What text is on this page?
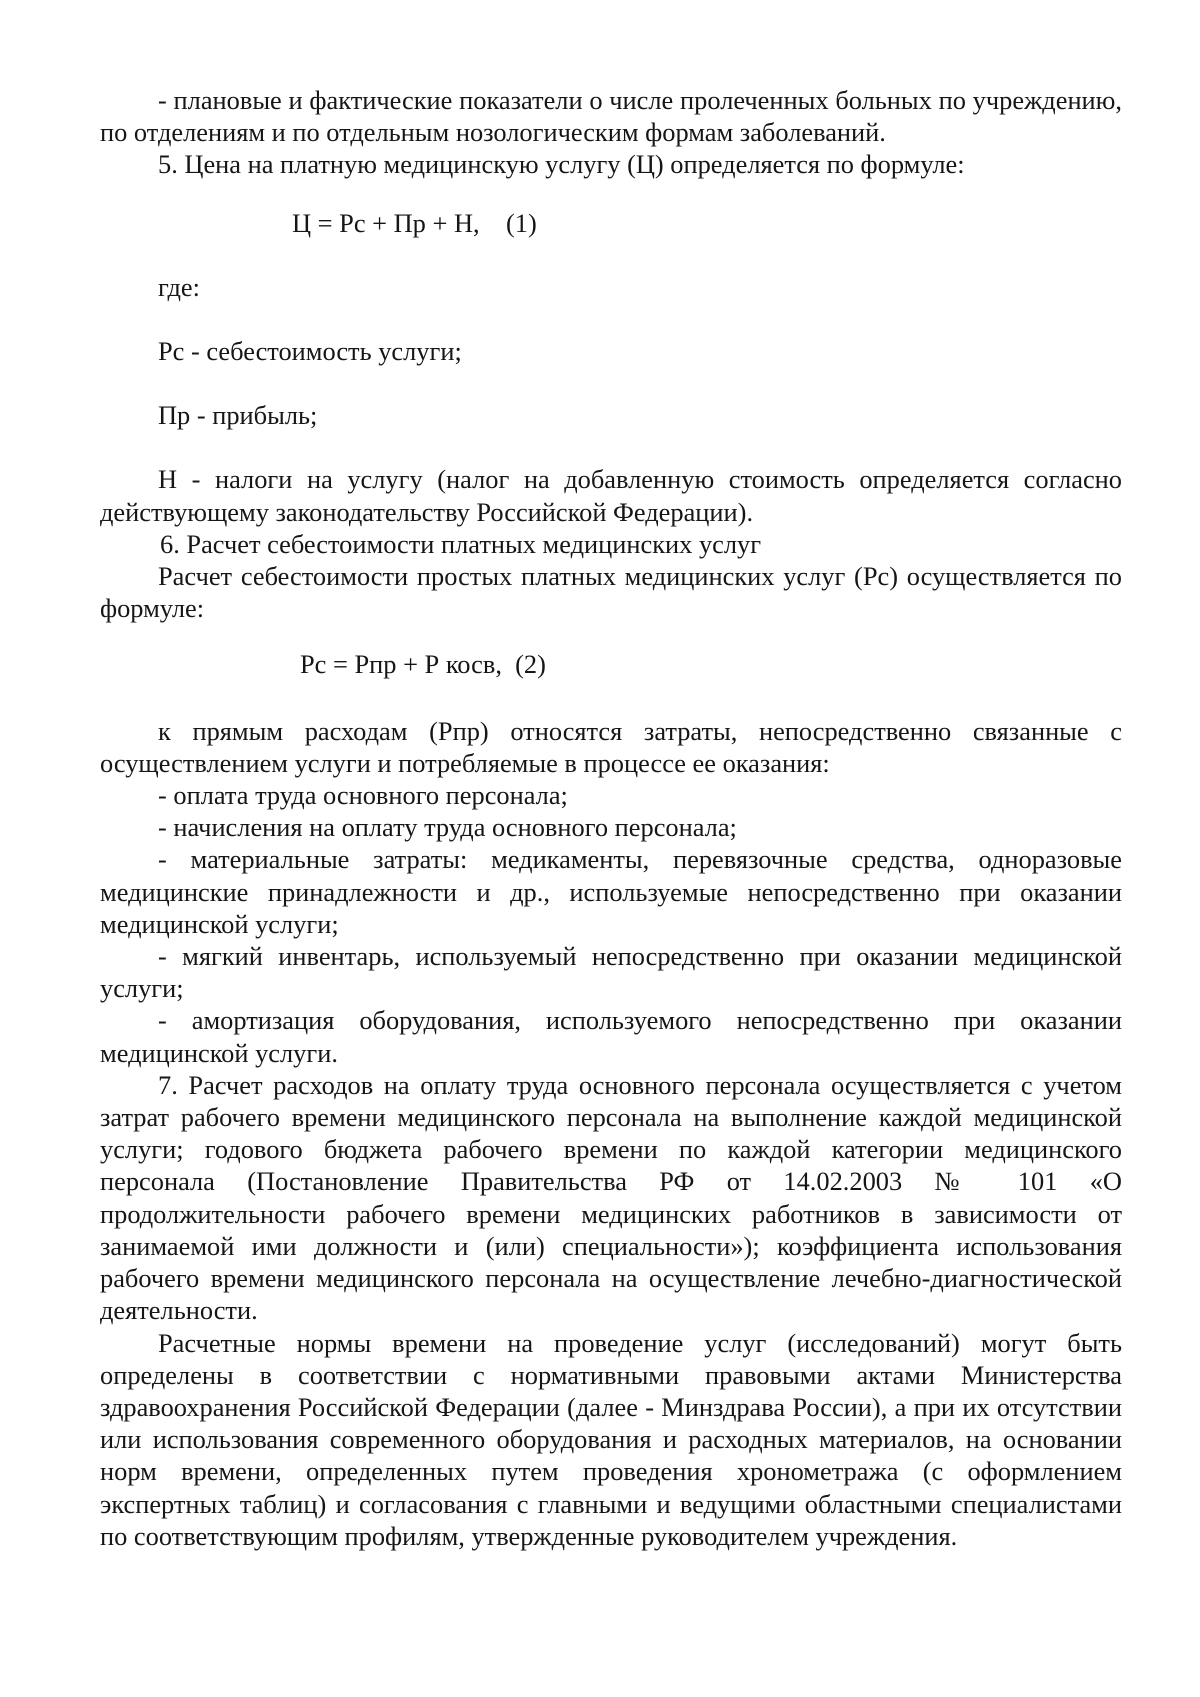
- плановые и фактические показатели о числе пролеченных больных по учреждению, по отделениям и по отдельным нозологическим формам заболеваний.

5. Цена на платную медицинскую услугу (Ц) определяется по формуле:

Ц = Рс + Пр + Н,    (1)

где:

Рс - себестоимость услуги;

Пр - прибыль;

Н - налоги на услугу (налог на добавленную стоимость определяется согласно действующему законодательству Российской Федерации).

6. Расчет себестоимости платных медицинских услуг

Расчет себестоимости простых платных медицинских услуг (Рс) осуществляется по формуле:

Рс = Рпр + Р косв,  (2)

к прямым расходам (Рпр) относятся затраты, непосредственно связанные с осуществлением услуги и потребляемые в процессе ее оказания:

- оплата труда основного персонала;

- начисления на оплату труда основного персонала;

- материальные затраты: медикаменты, перевязочные средства, одноразовые медицинские принадлежности и др., используемые непосредственно при оказании медицинской услуги;

- мягкий инвентарь, используемый непосредственно при оказании медицинской услуги;

- амортизация оборудования, используемого непосредственно при оказании медицинской услуги.

7. Расчет расходов на оплату труда основного персонала осуществляется с учетом затрат рабочего времени медицинского персонала на выполнение каждой медицинской услуги; годового бюджета рабочего времени по каждой категории медицинского персонала (Постановление Правительства РФ от 14.02.2003 № 101 «О продолжительности рабочего времени медицинских работников в зависимости от занимаемой ими должности и (или) специальности»); коэффициента использования рабочего времени медицинского персонала на осуществление лечебно-диагностической деятельности.

Расчетные нормы времени на проведение услуг (исследований) могут быть определены в соответствии с нормативными правовыми актами Министерства здравоохранения Российской Федерации (далее - Минздрава России), а при их отсутствии или использования современного оборудования и расходных материалов, на основании норм времени, определенных путем проведения хронометража (с оформлением экспертных таблиц) и согласования с главными и ведущими областными специалистами по соответствующим профилям, утвержденные руководителем учреждения.
